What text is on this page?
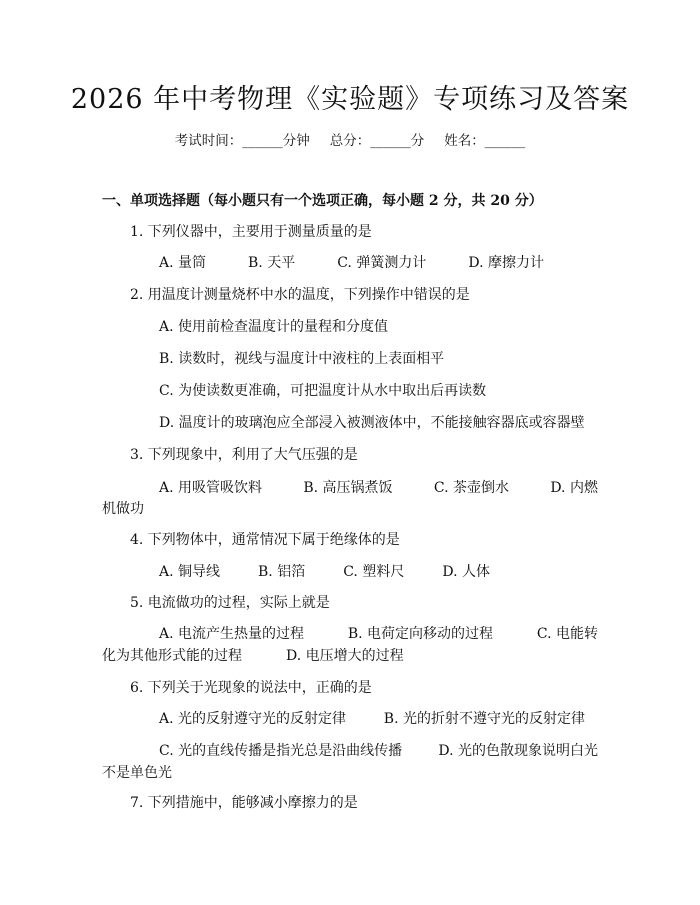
2026 年中考物理《实验题》专项练习及答案
考试时间：______分钟 总分：______分 姓名：______
一、单项选择题（每小题只有一个选项正确，每小题 2 分，共 20 分）
1. 下列仪器中，主要用于测量质量的是
A. 量筒	B. 天平	C. 弹簧测力计	D. 摩擦力计
2. 用温度计测量烧杯中水的温度，下列操作中错误的是
A. 使用前检查温度计的量程和分度值
B. 读数时，视线与温度计中液柱的上表面相平
C. 为使读数更准确，可把温度计从水中取出后再读数
D. 温度计的玻璃泡应全部浸入被测液体中，不能接触容器底或容器壁
3. 下列现象中，利用了大气压强的是
A. 用吸管吸饮料	B. 高压锅煮饭	C. 茶壶倒水	D. 内燃
机做功
4. 下列物体中，通常情况下属于绝缘体的是
A. 铜导线	B. 铝箔	C. 塑料尺	D. 人体
5. 电流做功的过程，实际上就是
A. 电流产生热量的过程	B. 电荷定向移动的过程	C. 电能转
化为其他形式能的过程	D. 电压增大的过程
6. 下列关于光现象的说法中，正确的是
A. 光的反射遵守光的反射定律	B. 光的折射不遵守光的反射定律
C. 光的直线传播是指光总是沿曲线传播	D. 光的色散现象说明白光
不是单色光
7. 下列措施中，能够减小摩擦力的是
